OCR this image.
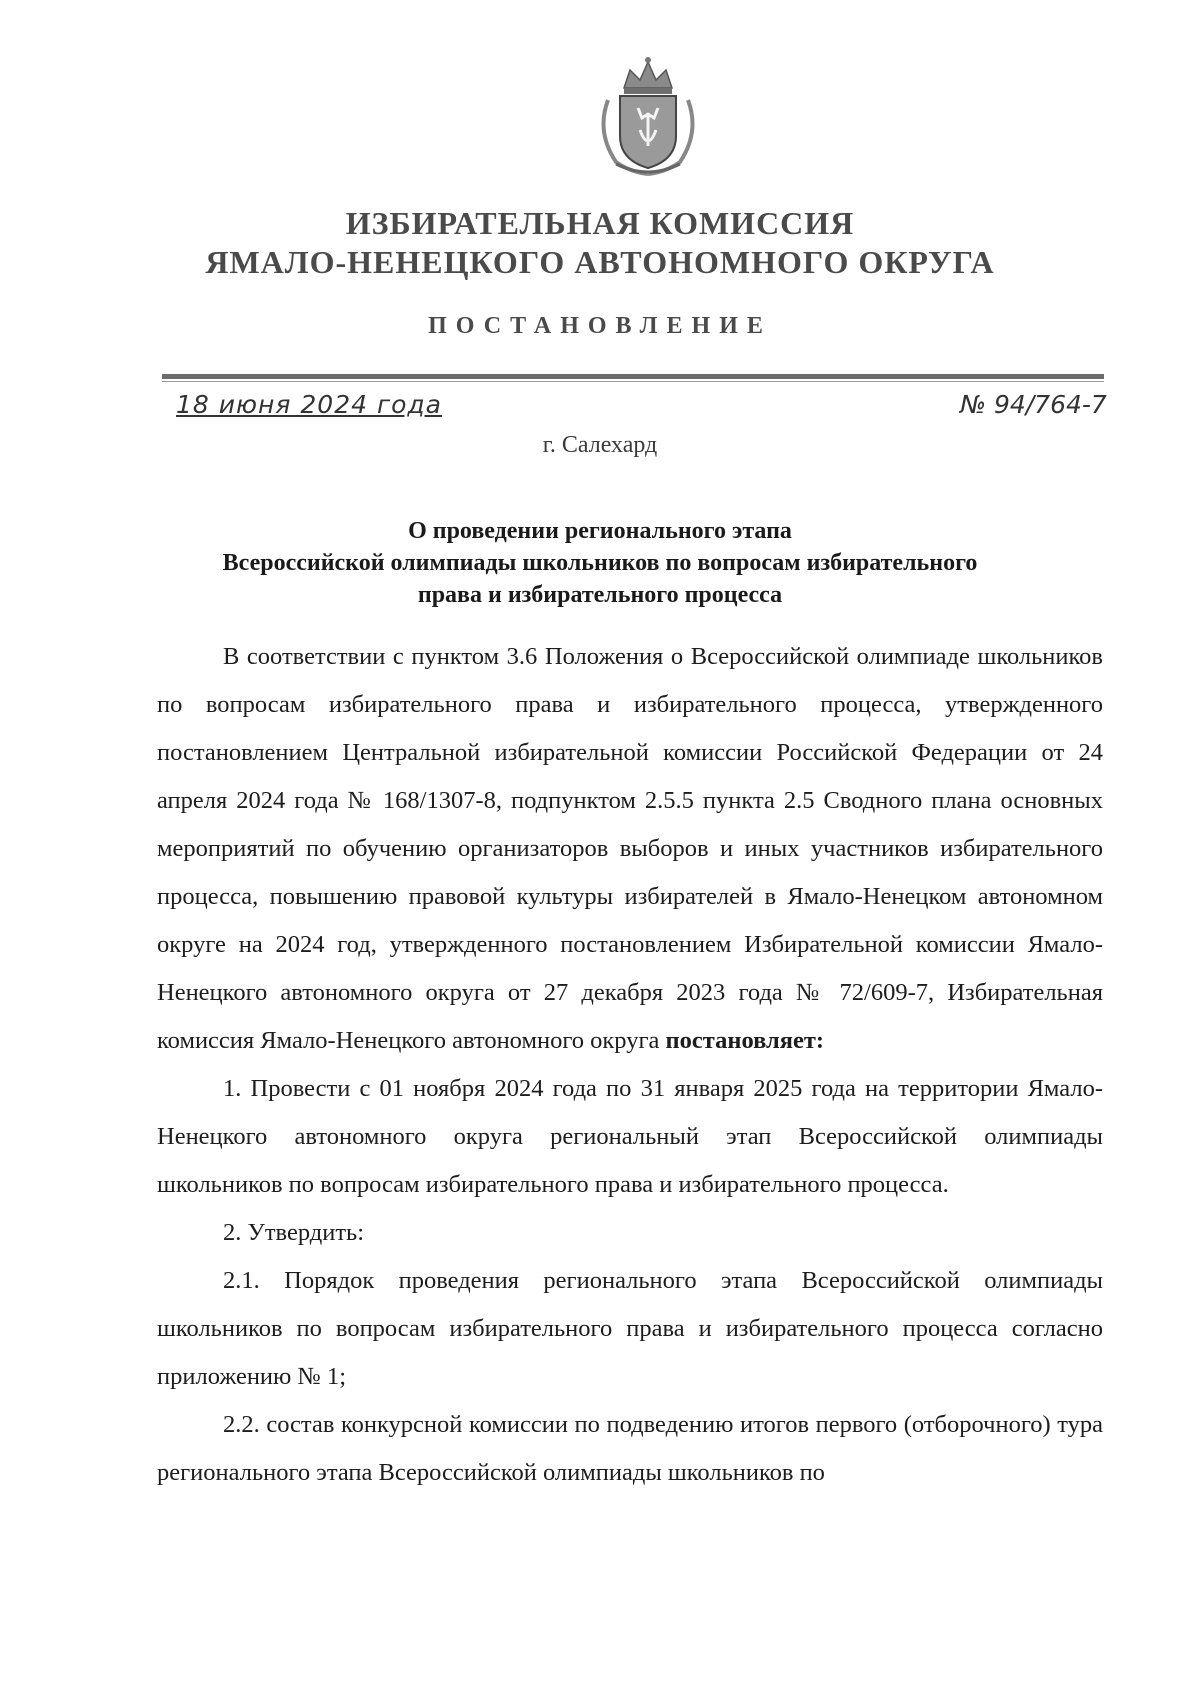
ИЗБИРАТЕЛЬНАЯ КОМИССИЯ
ЯМАЛО-НЕНЕЦКОГО АВТОНОМНОГО ОКРУГА
ПОСТАНОВЛЕНИЕ
18 июня 2024 года	№ 94/764-7
г. Салехард
О проведении регионального этапа
Всероссийской олимпиады школьников по вопросам избирательного
права и избирательного процесса

В соответствии с пунктом 3.6 Положения о Всероссийской олимпиаде школьников по вопросам избирательного права и избирательного процесса, утвержденного постановлением Центральной избирательной комиссии Российской Федерации от 24 апреля 2024 года № 168/1307-8, подпунктом 2.5.5 пункта 2.5 Сводного плана основных мероприятий по обучению организаторов выборов и иных участников избирательного процесса, повышению правовой культуры избирателей в Ямало-Ненецком автономном округе на 2024 год, утвержденного постановлением Избирательной комиссии Ямало-Ненецкого автономного округа от 27 декабря 2023 года № 72/609-7, Избирательная комиссия Ямало-Ненецкого автономного округа постановляет:

1. Провести с 01 ноября 2024 года по 31 января 2025 года на территории Ямало-Ненецкого автономного округа региональный этап Всероссийской олимпиады школьников по вопросам избирательного права и избирательного процесса.

2. Утвердить:

2.1. Порядок проведения регионального этапа Всероссийской олимпиады школьников по вопросам избирательного права и избирательного процесса согласно приложению № 1;

2.2. состав конкурсной комиссии по подведению итогов первого (отборочного) тура регионального этапа Всероссийской олимпиады школьников по
